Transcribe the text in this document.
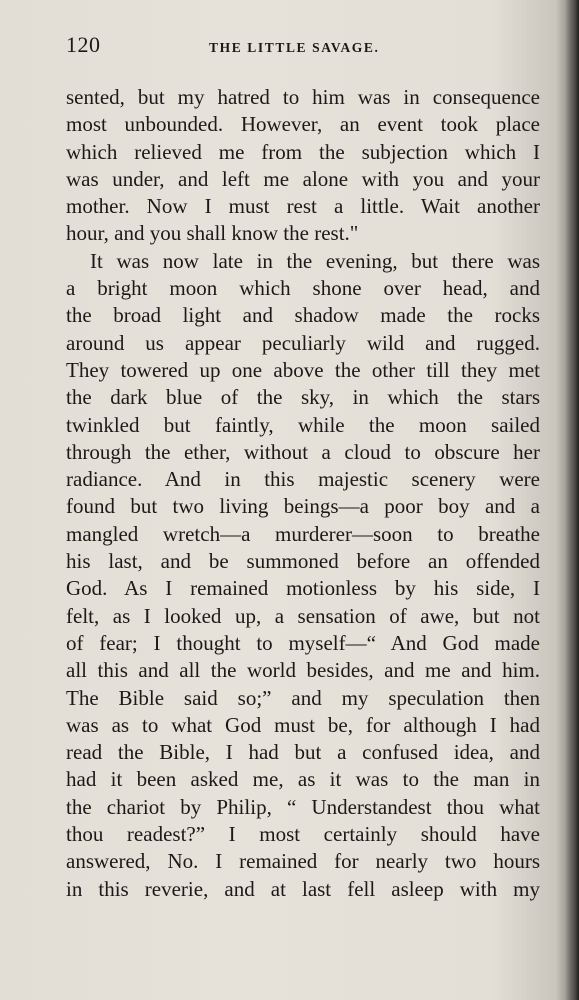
120	THE LITTLE SAVAGE.
sented, but my hatred to him was in consequence
most unbounded. However, an event took place
which relieved me from the subjection which I
was under, and left me alone with you and your
mother. Now I must rest a little. Wait another
hour, and you shall know the rest."
It was now late in the evening, but there was
a bright moon which shone over head, and
the broad light and shadow made the rocks
around us appear peculiarly wild and rugged.
They towered up one above the other till they met
the dark blue of the sky, in which the stars
twinkled but faintly, while the moon sailed
through the ether, without a cloud to obscure her
radiance. And in this majestic scenery were
found but two living beings—a poor boy and a
mangled wretch—a murderer—soon to breathe
his last, and be summoned before an offended
God. As I remained motionless by his side, I
felt, as I looked up, a sensation of awe, but not
of fear; I thought to myself—“ And God made
all this and all the world besides, and me and him.
The Bible said so;” and my speculation then
was as to what God must be, for although I had
read the Bible, I had but a confused idea, and
had it been asked me, as it was to the man in
the chariot by Philip, “ Understandest thou what
thou readest?” I most certainly should have
answered, No. I remained for nearly two hours
in this reverie, and at last fell asleep with my
